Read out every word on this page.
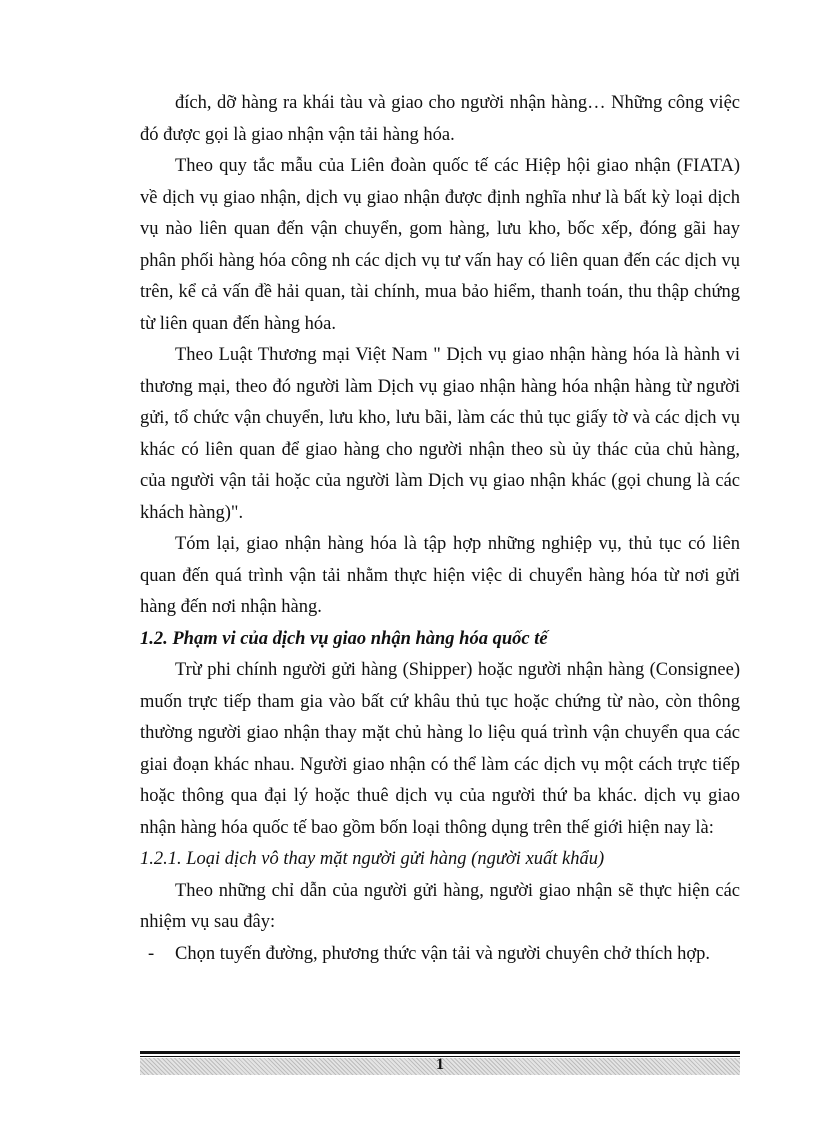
đích, dỡ hàng ra khái tàu và giao cho người nhận hàng… Những công việc đó được gọi là giao nhận vận tải hàng hóa.

Theo quy tắc mẫu của Liên đoàn quốc tế các Hiệp hội giao nhận (FIATA) về dịch vụ giao nhận, dịch vụ giao nhận được định nghĩa như là bất kỳ loại dịch vụ nào liên quan đến vận chuyển, gom hàng, lưu kho, bốc xếp, đóng gãi hay phân phối hàng hóa công nh các dịch vụ tư vấn hay có liên quan đến các dịch vụ trên, kể cả vấn đề hải quan, tài chính, mua bảo hiểm, thanh toán, thu thập chứng từ liên quan đến hàng hóa.

Theo Luật Thương mại Việt Nam " Dịch vụ giao nhận hàng hóa là hành vi thương mại, theo đó người làm Dịch vụ giao nhận hàng hóa nhận hàng từ người gửi, tổ chức vận chuyển, lưu kho, lưu bãi, làm các thủ tục giấy tờ và các dịch vụ khác có liên quan để giao hàng cho người nhận theo sù ủy thác của chủ hàng, của người vận tải hoặc của người làm Dịch vụ giao nhận khác (gọi chung là các khách hàng)".

Tóm lại, giao nhận hàng hóa là tập hợp những nghiệp vụ, thủ tục có liên quan đến quá trình vận tải nhằm thực hiện việc di chuyển hàng hóa từ nơi gửi hàng đến nơi nhận hàng.

1.2. Phạm vi của dịch vụ giao nhận hàng hóa quốc tế

Trừ phi chính người gửi hàng (Shipper) hoặc người nhận hàng (Consignee) muốn trực tiếp tham gia vào bất cứ khâu thủ tục hoặc chứng từ nào, còn thông thường người giao nhận thay mặt chủ hàng lo liệu quá trình vận chuyển qua các giai đoạn khác nhau. Người giao nhận có thể làm các dịch vụ một cách trực tiếp hoặc thông qua đại lý hoặc thuê dịch vụ của người thứ ba khác. dịch vụ giao nhận hàng hóa quốc tế bao gồm bốn loại thông dụng trên thế giới hiện nay là:

1.2.1. Loại dịch vô thay mặt người gửi hàng (người xuất khẩu)

Theo những chỉ dẫn của người gửi hàng, người giao nhận sẽ thực hiện các nhiệm vụ sau đây:

- Chọn tuyến đường, phương thức vận tải và người chuyên chở thích hợp.

1
